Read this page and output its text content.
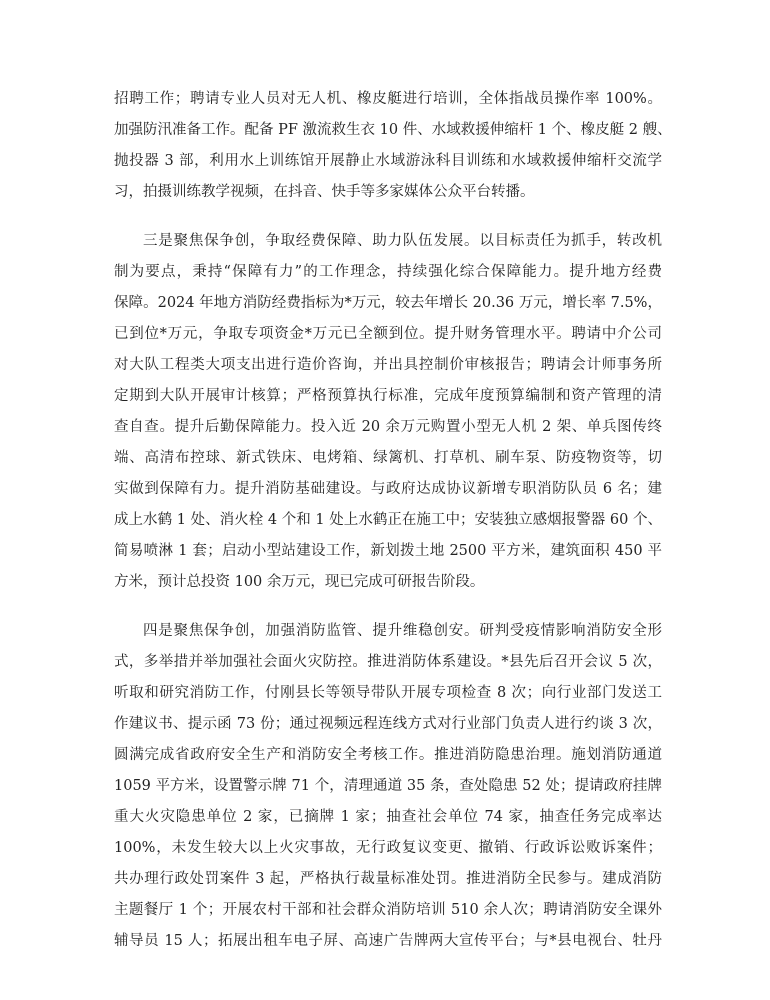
招聘工作；聘请专业人员对无人机、橡皮艇进行培训，全体指战员操作率 100%。
加强防汛准备工作。配备 PF 激流救生衣 10 件、水域救援伸缩杆 1 个、橡皮艇 2 艘、
抛投器 3 部，利用水上训练馆开展静止水域游泳科目训练和水域救援伸缩杆交流学
习，拍摄训练教学视频，在抖音、快手等多家媒体公众平台转播。
三是聚焦保争创，争取经费保障、助力队伍发展。以目标责任为抓手，转改机
制为要点，秉持“保障有力”的工作理念，持续强化综合保障能力。提升地方经费
保障。2024 年地方消防经费指标为*万元，较去年增长 20.36 万元，增长率 7.5%，
已到位*万元，争取专项资金*万元已全额到位。提升财务管理水平。聘请中介公司
对大队工程类大项支出进行造价咨询，并出具控制价审核报告；聘请会计师事务所
定期到大队开展审计核算；严格预算执行标准，完成年度预算编制和资产管理的清
查自查。提升后勤保障能力。投入近 20 余万元购置小型无人机 2 架、单兵图传终
端、高清布控球、新式铁床、电烤箱、绿篱机、打草机、刷车泵、防疫物资等，切
实做到保障有力。提升消防基础建设。与政府达成协议新增专职消防队员 6 名；建
成上水鹤 1 处、消火栓 4 个和 1 处上水鹤正在施工中；安装独立感烟报警器 60 个、
简易喷淋 1 套；启动小型站建设工作，新划拨土地 2500 平方米，建筑面积 450 平
方米，预计总投资 100 余万元，现已完成可研报告阶段。
四是聚焦保争创，加强消防监管、提升维稳创安。研判受疫情影响消防安全形
式，多举措并举加强社会面火灾防控。推进消防体系建设。*县先后召开会议 5 次，
听取和研究消防工作，付刚县长等领导带队开展专项检查 8 次；向行业部门发送工
作建议书、提示函 73 份；通过视频远程连线方式对行业部门负责人进行约谈 3 次，
圆满完成省政府安全生产和消防安全考核工作。推进消防隐患治理。施划消防通道
1059 平方米，设置警示牌 71 个，清理通道 35 条，查处隐患 52 处；提请政府挂牌
重大火灾隐患单位 2 家，已摘牌 1 家；抽查社会单位 74 家，抽查任务完成率达
100%，未发生较大以上火灾事故，无行政复议变更、撤销、行政诉讼败诉案件；
共办理行政处罚案件 3 起，严格执行裁量标准处罚。推进消防全民参与。建成消防
主题餐厅 1 个；开展农村干部和社会群众消防培训 510 余人次；聘请消防安全课外
辅导员 15 人；拓展出租车电子屏、高速广告牌两大宣传平台；与*县电视台、牡丹
